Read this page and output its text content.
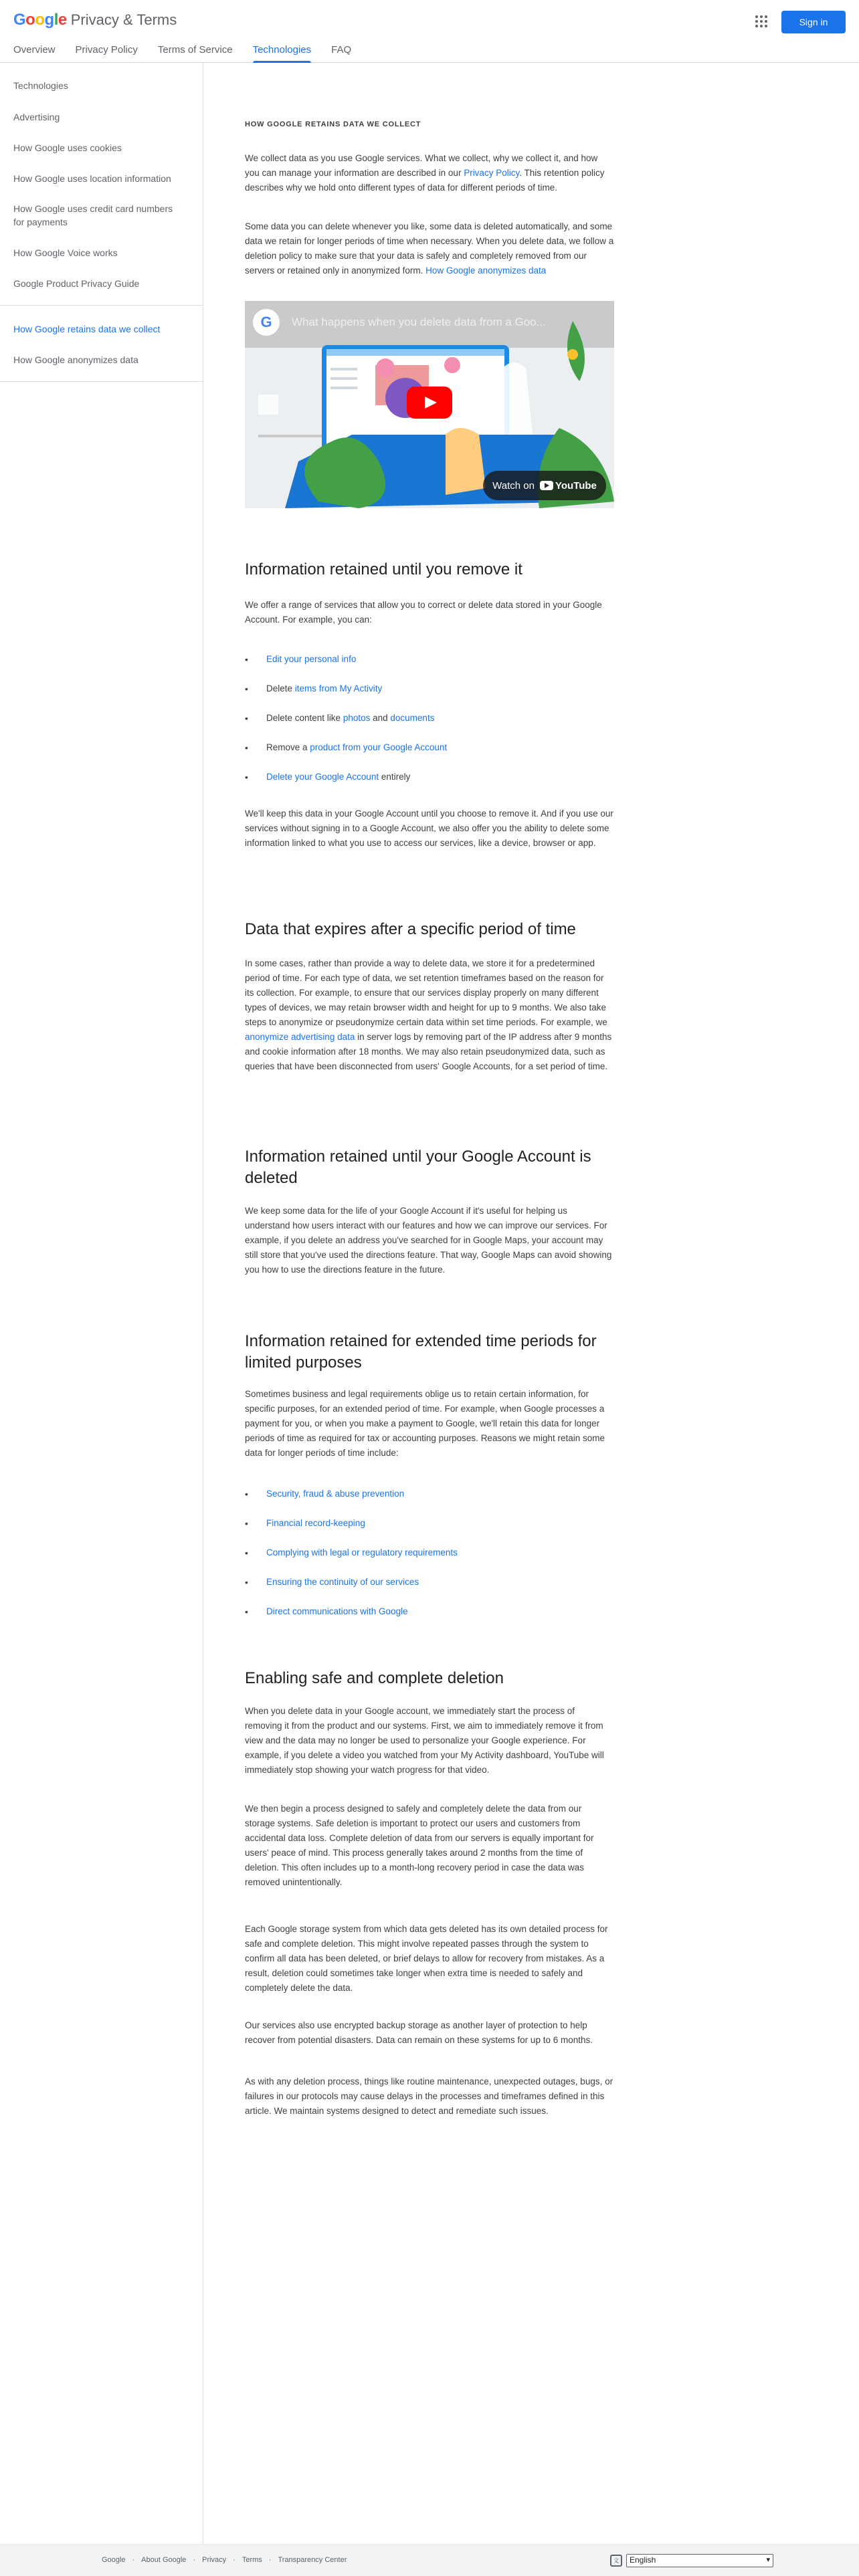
Google Privacy & Terms
Overview Privacy Policy Terms of Service Technologies FAQ
Sign in
Technologies
Advertising
How Google uses cookies
How Google uses location information
How Google uses credit card numbers for payments
How Google Voice works
Google Product Privacy Guide
How Google retains data we collect
How Google anonymizes data
HOW GOOGLE RETAINS DATA WE COLLECT

We collect data as you use Google services. What we collect, why we collect it, and how you can manage your information are described in our Privacy Policy. This retention policy describes why we hold onto different types of data for different periods of time.

Some data you can delete whenever you like, some data is deleted automatically, and some data we retain for longer periods of time when necessary. When you delete data, we follow a deletion policy to make sure that your data is safely and completely removed from our servers or retained only in anonymized form. How Google anonymizes data

G	What happens when you delete data from a Goo...
Watch on YouTube
Information retained until you remove it

We offer a range of services that allow you to correct or delete data stored in your Google Account. For example, you can:

• Edit your personal info
• Delete items from My Activity
• Delete content like photos and documents
• Remove a product from your Google Account
• Delete your Google Account entirely

We'll keep this data in your Google Account until you choose to remove it. And if you use our services without signing in to a Google Account, we also offer you the ability to delete some information linked to what you use to access our services, like a device, browser or app.

Data that expires after a specific period of time

In some cases, rather than provide a way to delete data, we store it for a predetermined period of time. For each type of data, we set retention timeframes based on the reason for its collection. For example, to ensure that our services display properly on many different types of devices, we may retain browser width and height for up to 9 months. We also take steps to anonymize or pseudonymize certain data within set time periods. For example, we anonymize advertising data in server logs by removing part of the IP address after 9 months and cookie information after 18 months. We may also retain pseudonymized data, such as queries that have been disconnected from users' Google Accounts, for a set period of time.

Information retained until your Google Account is deleted

We keep some data for the life of your Google Account if it's useful for helping us understand how users interact with our features and how we can improve our services. For example, if you delete an address you've searched for in Google Maps, your account may still store that you've used the directions feature. That way, Google Maps can avoid showing you how to use the directions feature in the future.

Information retained for extended time periods for limited purposes

Sometimes business and legal requirements oblige us to retain certain information, for specific purposes, for an extended period of time. For example, when Google processes a payment for you, or when you make a payment to Google, we'll retain this data for longer periods of time as required for tax or accounting purposes. Reasons we might retain some data for longer periods of time include:

• Security, fraud & abuse prevention
• Financial record-keeping
• Complying with legal or regulatory requirements
• Ensuring the continuity of our services
• Direct communications with Google
Enabling safe and complete deletion

When you delete data in your Google account, we immediately start the process of removing it from the product and our systems. First, we aim to immediately remove it from view and the data may no longer be used to personalize your Google experience. For example, if you delete a video you watched from your My Activity dashboard, YouTube will immediately stop showing your watch progress for that video.

We then begin a process designed to safely and completely delete the data from our storage systems. Safe deletion is important to protect our users and customers from accidental data loss. Complete deletion of data from our servers is equally important for users' peace of mind. This process generally takes around 2 months from the time of deletion. This often includes up to a month-long recovery period in case the data was removed unintentionally.

Each Google storage system from which data gets deleted has its own detailed process for safe and complete deletion. This might involve repeated passes through the system to confirm all data has been deleted, or brief delays to allow for recovery from mistakes. As a result, deletion could sometimes take longer when extra time is needed to safely and completely delete the data.

Our services also use encrypted backup storage as another layer of protection to help recover from potential disasters. Data can remain on these systems for up to 6 months.

As with any deletion process, things like routine maintenance, unexpected outages, bugs, or failures in our protocols may cause delays in the processes and timeframes defined in this article. We maintain systems designed to detect and remediate such issues.

Google · About Google · Privacy · Terms · Transparency Center	文	English ▾
